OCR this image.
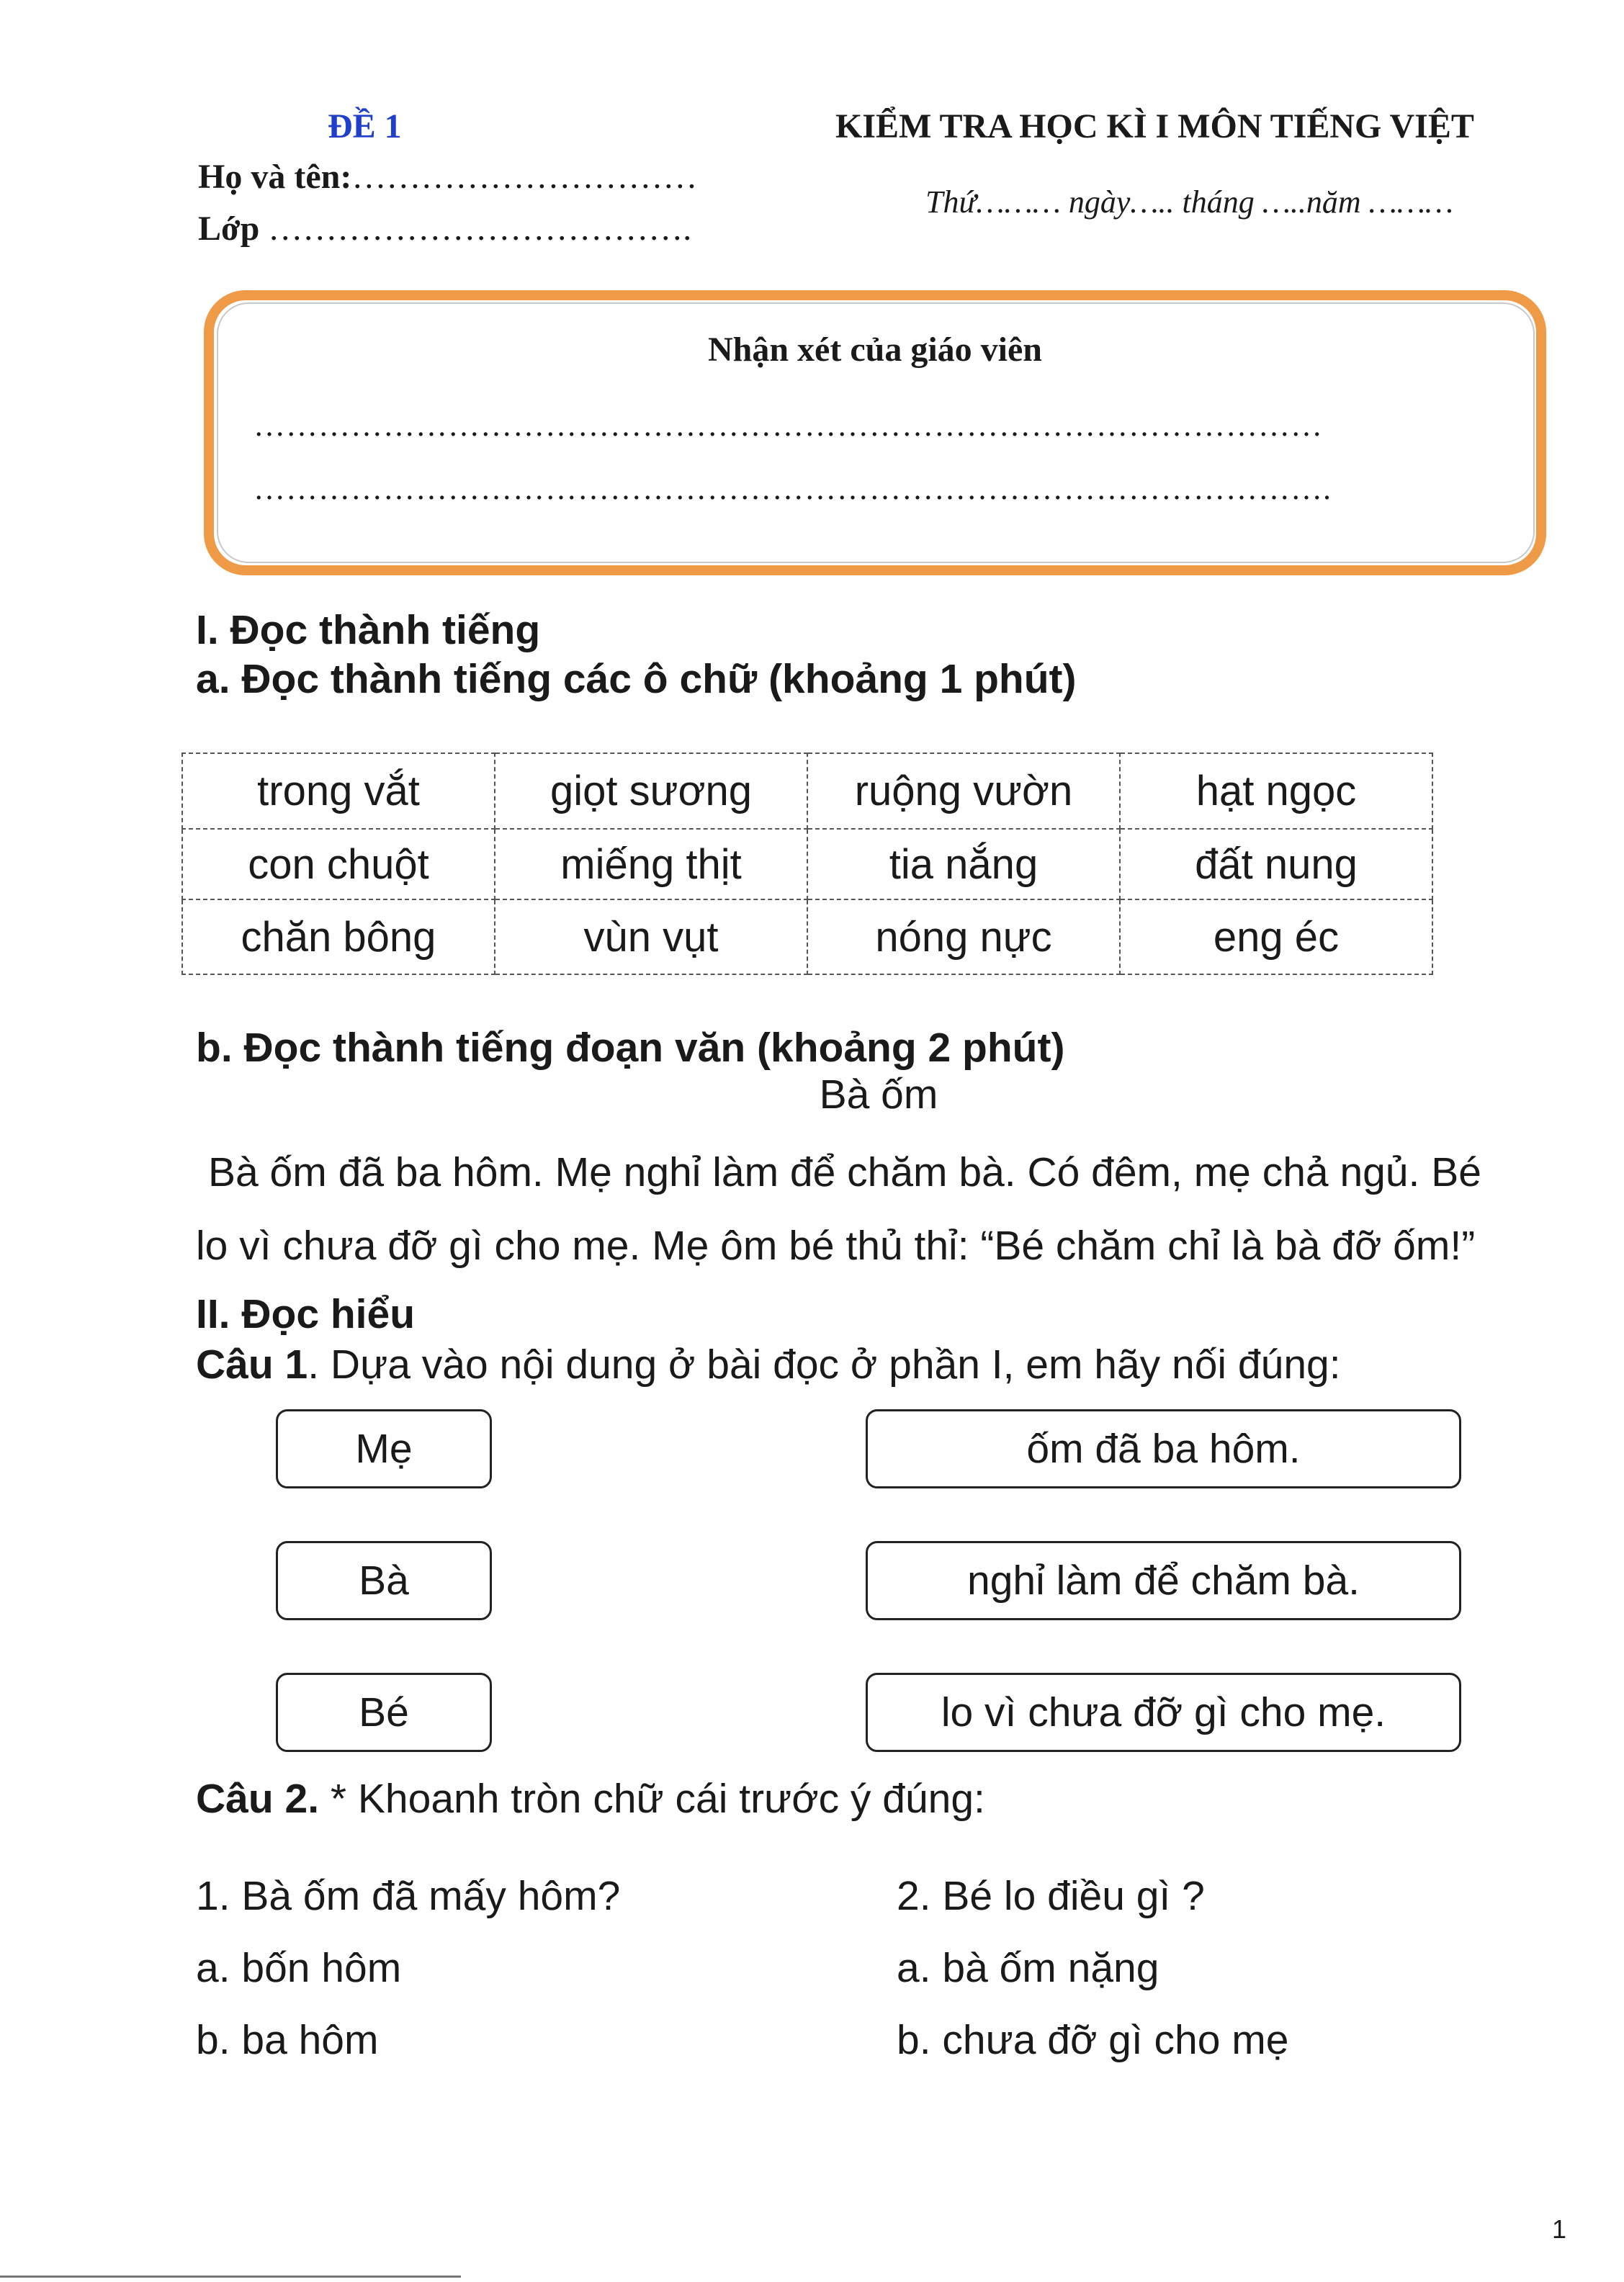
ĐỀ 1	KIỂM TRA HỌC KÌ I MÔN TIẾNG VIỆT
Họ và tên:…………………………
Lớp ……………………………….
Thứ……… ngày….. tháng …..năm ………
Nhận xét của giáo viên
………………………………………………………………………………………
……………………………………………………………………………………….
I. Đọc thành tiếng
a. Đọc thành tiếng các ô chữ (khoảng 1 phút)
trong vắt	giọt sương	ruộng vườn	hạt ngọc
con chuột	miếng thịt	tia nắng	đất nung
chăn bông	vùn vụt	nóng nực	eng éc
b. Đọc thành tiếng đoạn văn (khoảng 2 phút)
Bà ốm
Bà ốm đã ba hôm. Mẹ nghỉ làm để chăm bà. Có đêm, mẹ chả ngủ. Bé
lo vì chưa đỡ gì cho mẹ. Mẹ ôm bé thủ thỉ: “Bé chăm chỉ là bà đỡ ốm!”
II. Đọc hiểu
Câu 1. Dựa vào nội dung ở bài đọc ở phần I, em hãy nối đúng:
Mẹ
Bà
Bé
ốm đã ba hôm.
nghỉ làm để chăm bà.
lo vì chưa đỡ gì cho mẹ.
Câu 2. * Khoanh tròn chữ cái trước ý đúng:
1. Bà ốm đã mấy hôm?
a. bốn hôm
b. ba hôm
2. Bé lo điều gì ?
a. bà ốm nặng
b. chưa đỡ gì cho mẹ
1
